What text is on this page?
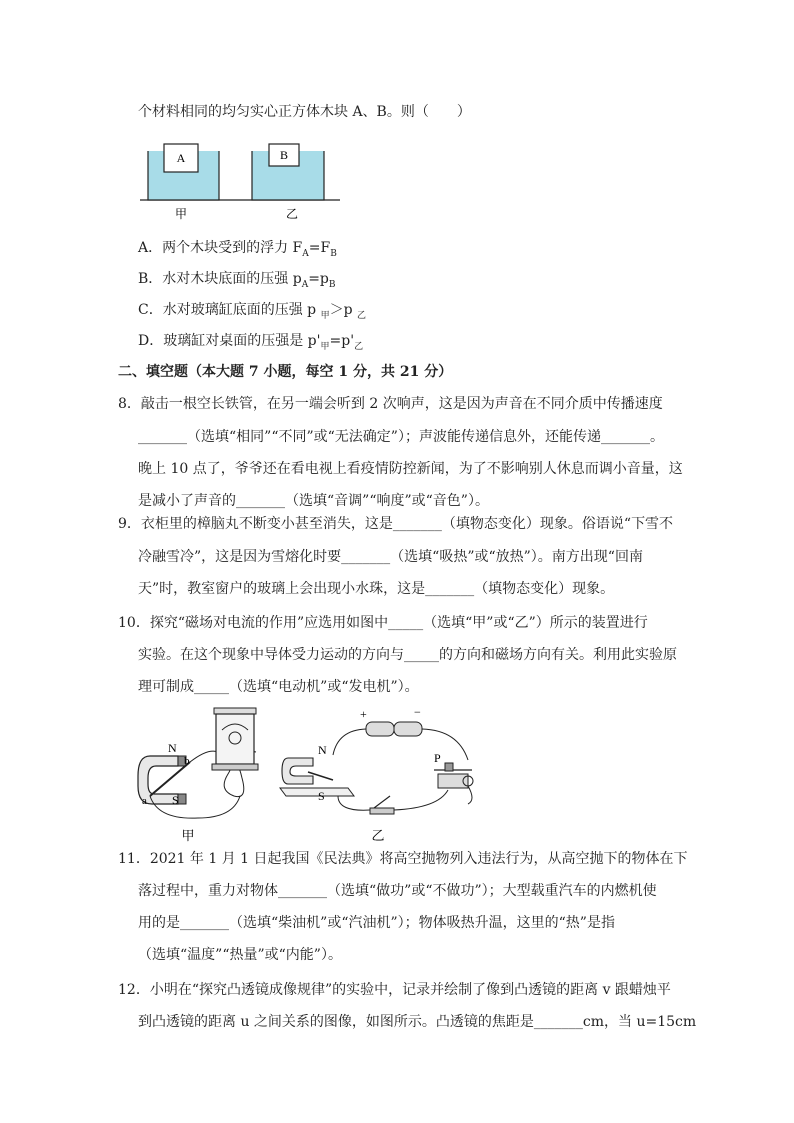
个材料相同的均匀实心正方体木块 A、B。则（　　）
A	B
甲	乙
A．两个木块受到的浮力 $F_A=F_B$
B．水对木块底面的压强 $p_A=p_B$
C．水对玻璃缸底面的压强 p $_甲$＞p $_乙$
D．玻璃缸对桌面的压强是 $p'_甲=p'_乙$
二、填空题（本大题 7 小题，每空 1 分，共 21 分）
8．敲击一根空长铁管，在另一端会听到 2 次响声，这是因为声音在不同介质中传播速度
_______（选填“相同”“不同”或“无法确定”）；声波能传递信息外，还能传递_______。
晚上 10 点了，爷爷还在看电视上看疫情防控新闻，为了不影响别人休息而调小音量，这
是减小了声音的_______（选填“音调”“响度”或“音色”）。
9．衣柜里的樟脑丸不断变小甚至消失，这是_______（填物态变化）现象。俗语说“下雪不
冷融雪冷”，这是因为雪熔化时要_______（选填“吸热”或“放热”）。南方出现“回南
天”时，教室窗户的玻璃上会出现小水珠，这是_______（填物态变化）现象。
10．探究“磁场对电流的作用”应选用如图中_____（选填“甲”或“乙”）所示的装置进行
实验。在这个现象中导体受力运动的方向与_____的方向和磁场方向有关。利用此实验原
理可制成_____（选填“电动机”或“发电机”）。
N
b
S
a
甲
+	−
N
S
P
乙
11．2021 年 1 月 1 日起我国《民法典》将高空抛物列入违法行为，从高空抛下的物体在下
落过程中，重力对物体_______（选填“做功”或“不做功”）；大型载重汽车的内燃机使
用的是_______（选填“柴油机”或“汽油机”）；物体吸热升温，这里的“热”是指
（选填“温度”“热量”或“内能”）。
12．小明在“探究凸透镜成像规律”的实验中，记录并绘制了像到凸透镜的距离 v 跟蜡烛平
到凸透镜的距离 u 之间关系的图像，如图所示。凸透镜的焦距是_______cm，当 u=15cm
